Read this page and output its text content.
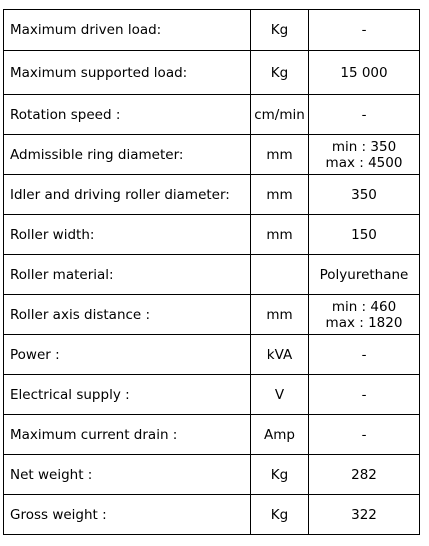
Maximum driven load:	Kg	-

Maximum supported load:	Kg	15 000

Rotation speed :	cm/min	-

Admissible ring diameter:	mm	min : 350
max : 4500

Idler and driving roller diameter:	mm	350

Roller width:	mm	150

Roller material:		Polyurethane

Roller axis distance :	mm	min : 460
max : 1820

Power :	kVA	-

Electrical supply :	V	-

Maximum current drain :	Amp	-

Net weight :	Kg	282

Gross weight :	Kg	322
